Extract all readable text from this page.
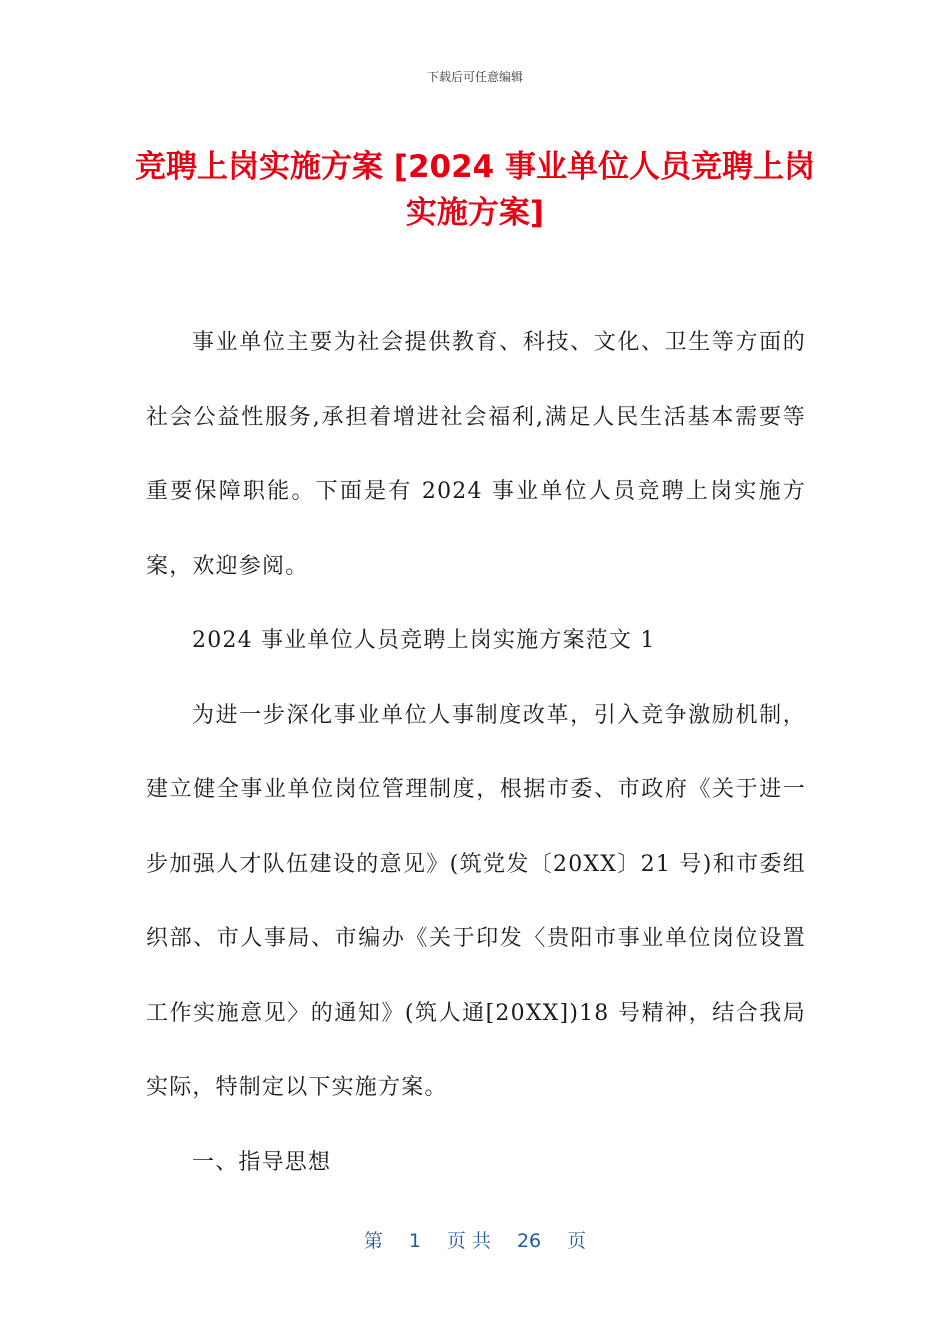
下载后可任意编辑
竞聘上岗实施方案 [2024 事业单位人员竞聘上岗实施方案]

事业单位主要为社会提供教育、科技、文化、卫生等方面的社会公益性服务,承担着增进社会福利,满足人民生活基本需要等重要保障职能。下面是有 2024 事业单位人员竞聘上岗实施方案，欢迎参阅。

2024 事业单位人员竞聘上岗实施方案范文 1

为进一步深化事业单位人事制度改革，引入竞争激励机制，建立健全事业单位岗位管理制度，根据市委、市政府《关于进一步加强人才队伍建设的意见》(筑党发〔20XX〕21 号)和市委组织部、市人事局、市编办《关于印发〈贵阳市事业单位岗位设置工作实施意见〉的通知》(筑人通[20XX])18 号精神，结合我局实际，特制定以下实施方案。

一、指导思想

第 1 页 共 26 页
